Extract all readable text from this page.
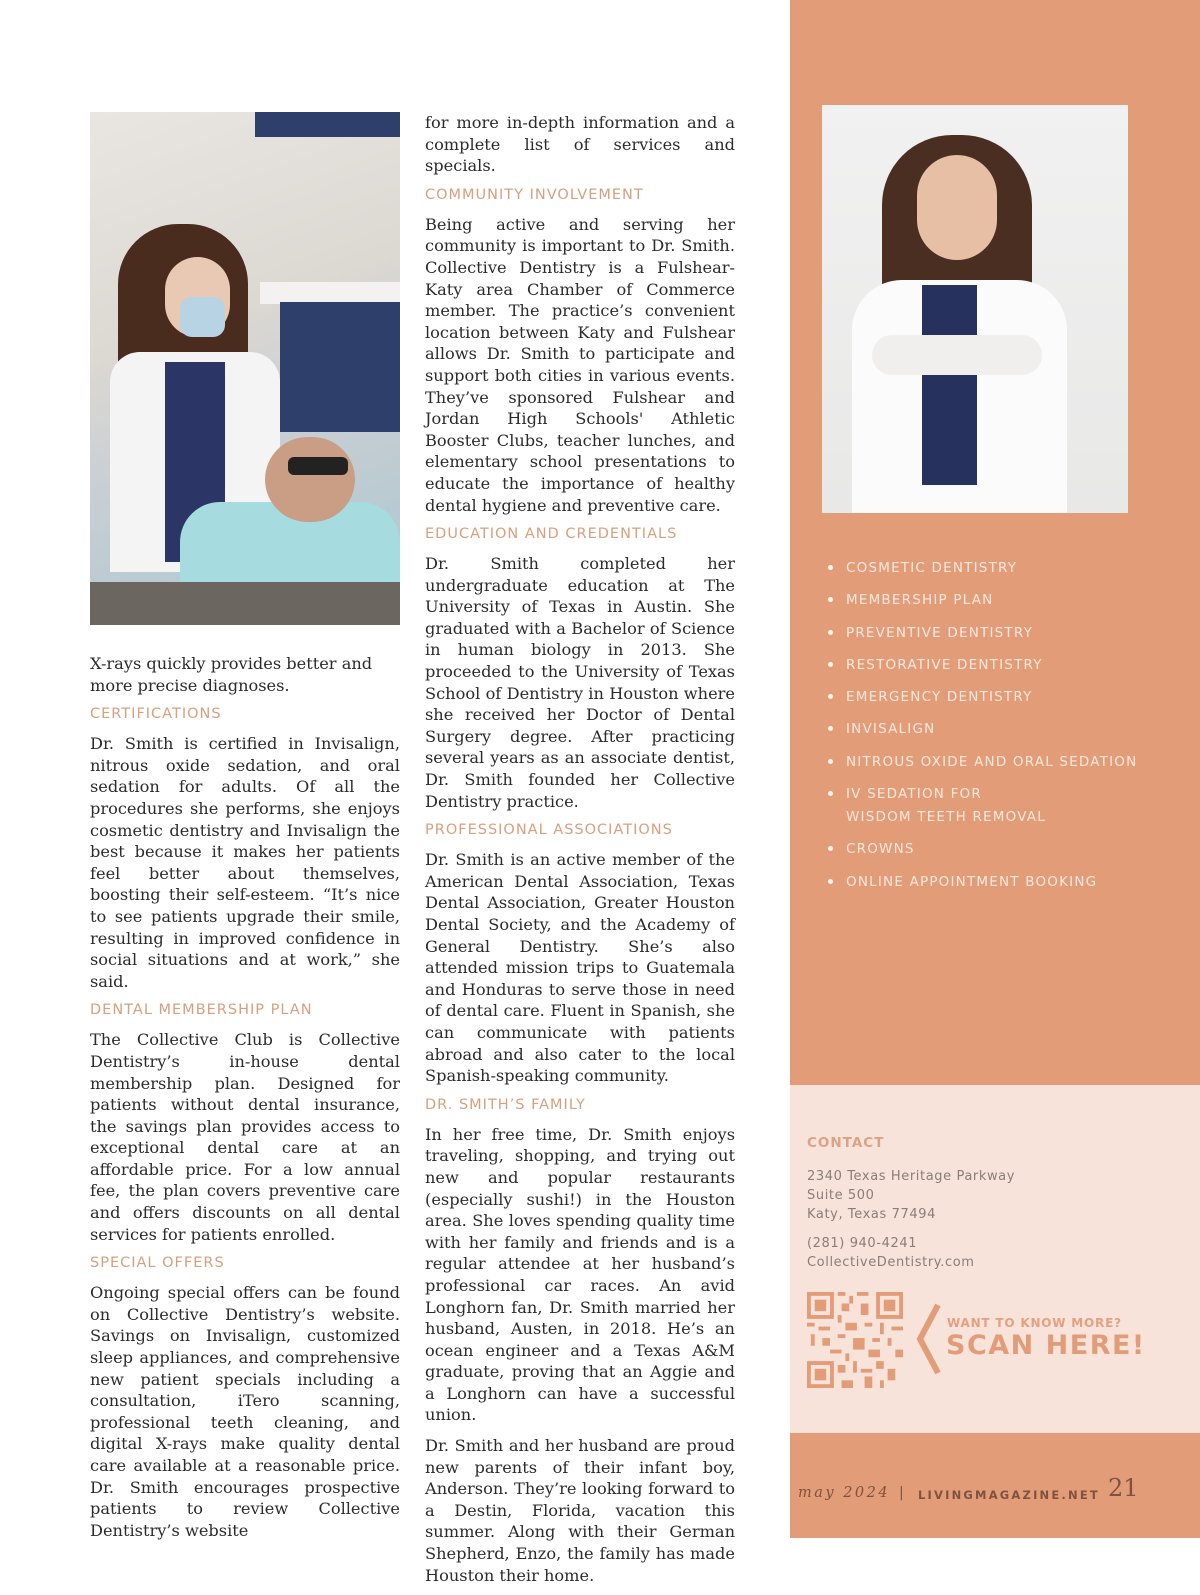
X-rays quickly provides better and more precise diagnoses.

CERTIFICATIONS

Dr. Smith is certified in Invisalign, nitrous oxide sedation, and oral sedation for adults. Of all the procedures she performs, she enjoys cosmetic dentistry and Invisalign the best because it makes her patients feel better about themselves, boosting their self-esteem. “It’s nice to see patients upgrade their smile, resulting in improved confidence in social situations and at work,” she said.

DENTAL MEMBERSHIP PLAN

The Collective Club is Collective Dentistry’s in-house dental membership plan. Designed for patients without dental insurance, the savings plan provides access to exceptional dental care at an affordable price. For a low annual fee, the plan covers preventive care and offers discounts on all dental services for patients enrolled.

SPECIAL OFFERS

Ongoing special offers can be found on Collective Dentistry’s website. Savings on Invisalign, customized sleep appliances, and comprehensive new patient specials including a consultation, iTero scanning, professional teeth cleaning, and digital X-rays make quality dental care available at a reasonable price. Dr. Smith encourages prospective patients to review Collective Dentistry’s website

for more in-depth information and a complete list of services and specials.

COMMUNITY INVOLVEMENT

Being active and serving her community is important to Dr. Smith. Collective Dentistry is a Fulshear-Katy area Chamber of Commerce member. The practice’s convenient location between Katy and Fulshear allows Dr. Smith to participate and support both cities in various events. They’ve sponsored Fulshear and Jordan High Schools' Athletic Booster Clubs, teacher lunches, and elementary school presentations to educate the importance of healthy dental hygiene and preventive care.

EDUCATION AND CREDENTIALS

Dr. Smith completed her undergraduate education at The University of Texas in Austin. She graduated with a Bachelor of Science in human biology in 2013. She proceeded to the University of Texas School of Dentistry in Houston where she received her Doctor of Dental Surgery degree. After practicing several years as an associate dentist, Dr. Smith founded her Collective Dentistry practice.

PROFESSIONAL ASSOCIATIONS

Dr. Smith is an active member of the American Dental Association, Texas Dental Association, Greater Houston Dental Society, and the Academy of General Dentistry. She’s also attended mission trips to Guatemala and Honduras to serve those in need of dental care. Fluent in Spanish, she can communicate with patients abroad and also cater to the local Spanish-speaking community.

DR. SMITH’S FAMILY

In her free time, Dr. Smith enjoys traveling, shopping, and trying out new and popular restaurants (especially sushi!) in the Houston area. She loves spending quality time with her family and friends and is a regular attendee at her husband’s professional car races. An avid Longhorn fan, Dr. Smith married her husband, Austen, in 2018. He’s an ocean engineer and a Texas A&M graduate, proving that an Aggie and a Longhorn can have a successful union.

Dr. Smith and her husband are proud new parents of their infant boy, Anderson. They’re looking forward to a Destin, Florida, vacation this summer. Along with their German Shepherd, Enzo, the family has made Houston their home.

COSMETIC DENTISTRY
MEMBERSHIP PLAN
PREVENTIVE DENTISTRY
RESTORATIVE DENTISTRY
EMERGENCY DENTISTRY
INVISALIGN
NITROUS OXIDE AND ORAL SEDATION
IV SEDATION FOR WISDOM TEETH REMOVAL
CROWNS
ONLINE APPOINTMENT BOOKING
CONTACT
2340 Texas Heritage Parkway
Suite 500
Katy, Texas 77494
(281) 940-4241
CollectiveDentistry.com
WANT TO KNOW MORE?
SCAN HERE!
may 2024 | LIVINGMAGAZINE.NET 21
